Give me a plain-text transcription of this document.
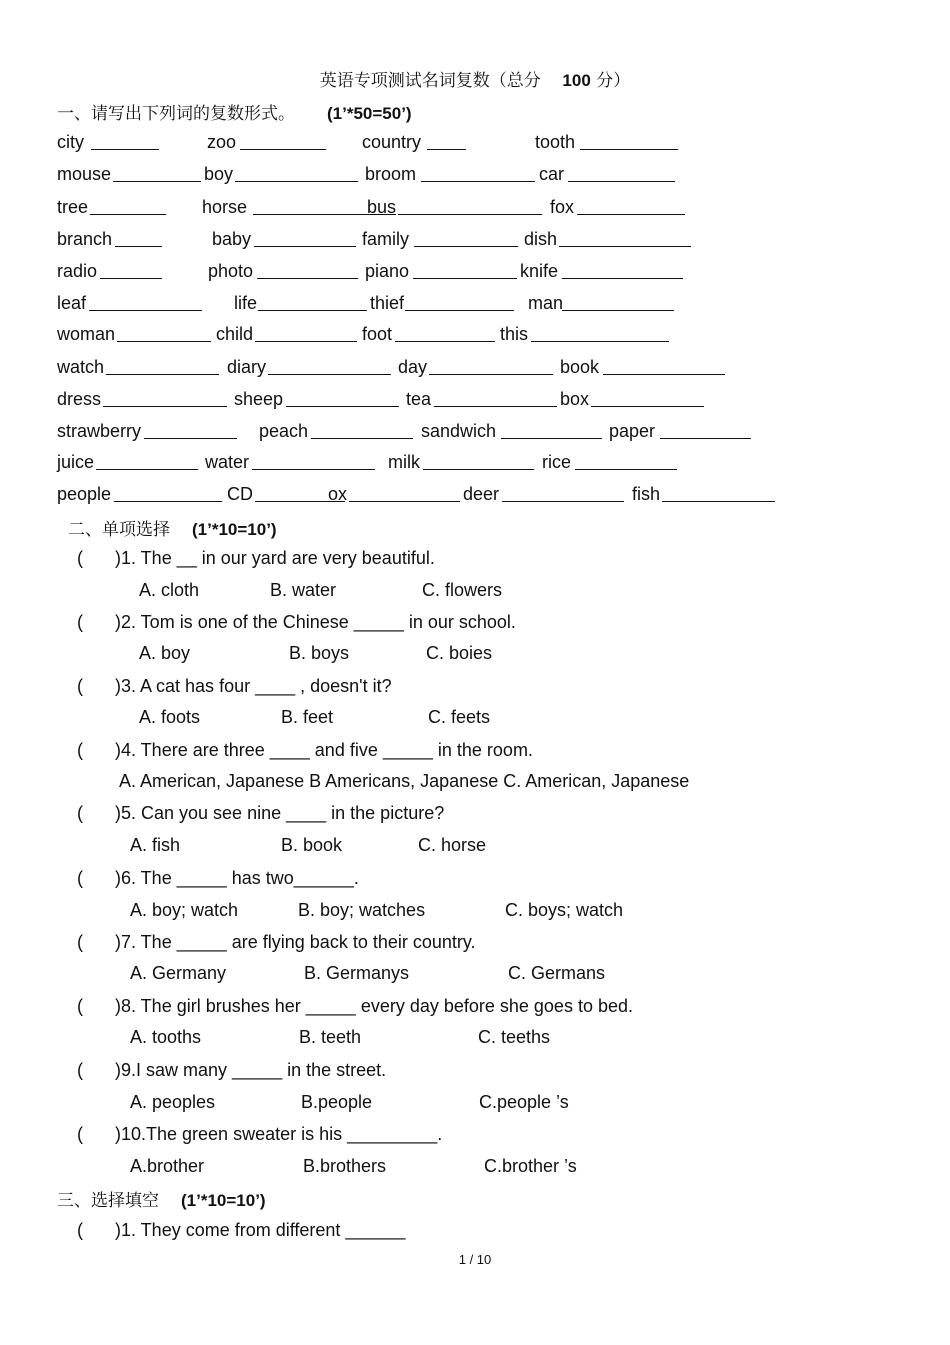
英语专项测试名词复数（总分 100 分）
一、请写出下列词的复数形式。 (1’*50=50’)
city	zoo	country	tooth
mouse	boy	broom	car
tree	horse	bus	fox
branch	baby	family	dish
radio	photo	piano	knife
leaf	life	thief	man
woman	child	foot	this
watch	diary	day	book
dress	sheep	tea	box
strawberry	peach	sandwich	paper
juice	water	milk	rice
people	CD	ox	deer	fish
二、单项选择 (1’*10=10’)
( )1. The __ in our yard are very beautiful.
A. cloth	B. water	C. flowers
( )2. Tom is one of the Chinese _____ in our school.
A. boy	B. boys	C. boies
( )3. A cat has four ____ , doesn't it?
A. foots	B. feet	C. feets
( )4. There are three ____ and five _____ in the room.
A. American, Japanese B Americans, Japanese C. American, Japanese
( )5. Can you see nine ____ in the picture?
A. fish	B. book	C. horse
( )6. The _____ has two______.
A. boy; watch	B. boy; watches	C. boys; watch
( )7. The _____ are flying back to their country.
A. Germany	B. Germanys	C. Germans
( )8. The girl brushes her _____ every day before she goes to bed.
A. tooths	B. teeth	C. teeths
( )9.I saw many _____ in the street.
A. peoples	B.people	C.people ’s
( )10.The green sweater is his _________.
A.brother	B.brothers	C.brother ’s
三、选择填空 (1’*10=10’)
( )1. They come from different ______
1 / 10
